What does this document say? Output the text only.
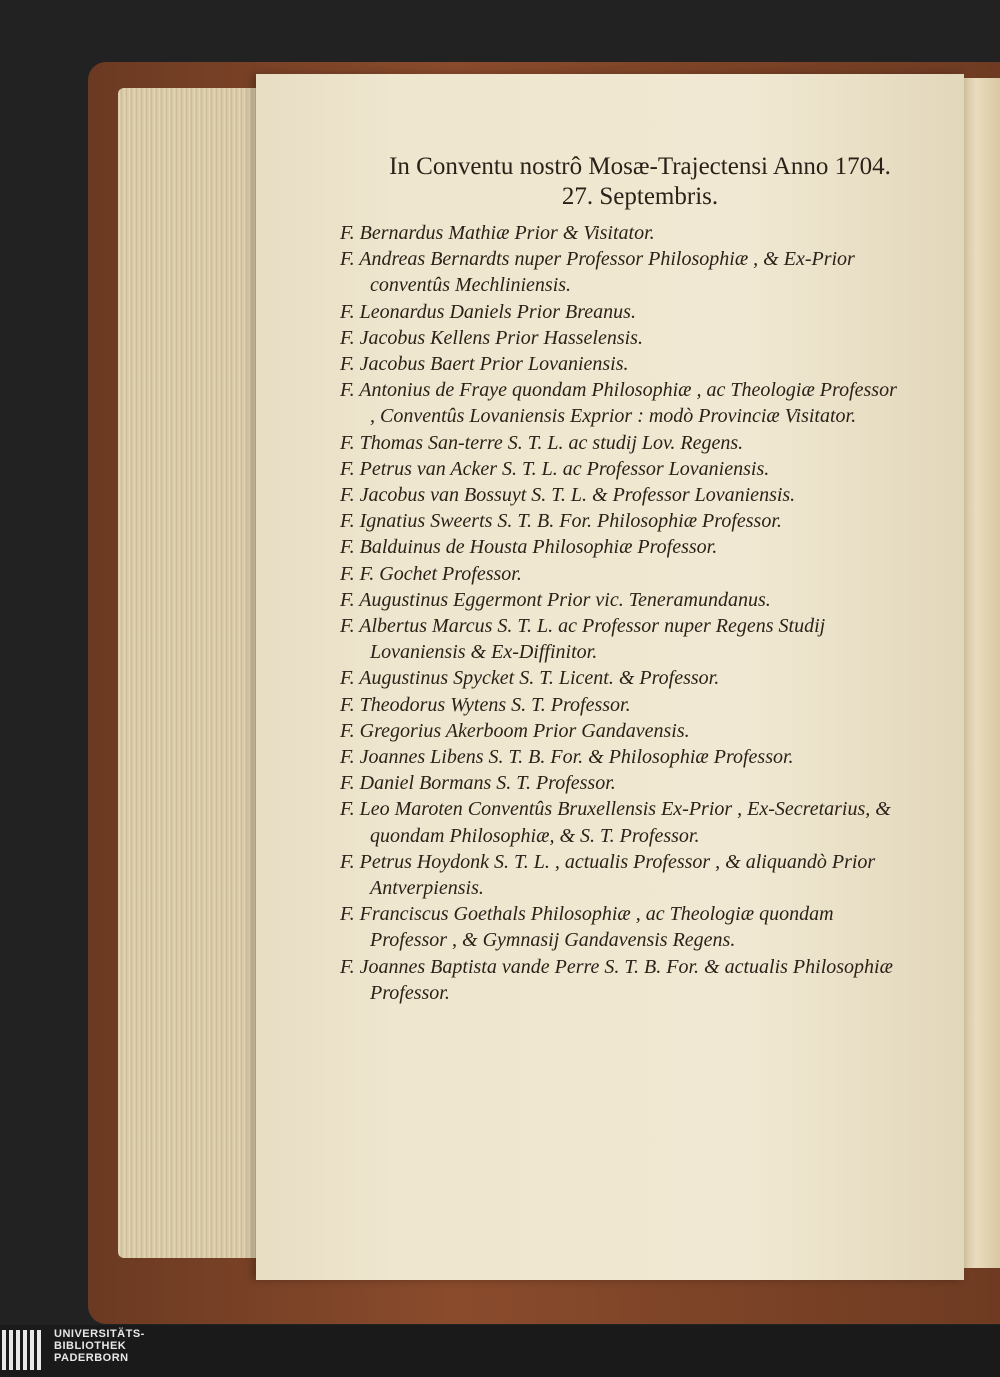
In Conventu nostrô Mosæ-Trajectensi Anno 1704.
27. Septembris.
F. Bernardus Mathiæ Prior & Visitator.
F. Andreas Bernardts nuper Professor Philosophiæ , & Ex-Prior conventûs Mechliniensis.
F. Leonardus Daniels Prior Breanus.
F. Jacobus Kellens Prior Hasselensis.
F. Jacobus Baert Prior Lovaniensis.
F. Antonius de Fraye quondam Philosophiæ , ac Theologiæ Professor , Conventûs Lovaniensis Exprior : modò Provinciæ Visitator.
F. Thomas San-terre S. T. L. ac studij Lov. Regens.
F. Petrus van Acker S. T. L. ac Professor Lovaniensis.
F. Jacobus van Bossuyt S. T. L. & Professor Lovaniensis.
F. Ignatius Sweerts S. T. B. For. Philosophiæ Professor.
F. Balduinus de Housta Philosophiæ Professor.
F. F. Gochet Professor.
F. Augustinus Eggermont Prior vic. Teneramundanus.
F. Albertus Marcus S. T. L. ac Professor nuper Regens Studij Lovaniensis & Ex-Diffinitor.
F. Augustinus Spycket S. T. Licent. & Professor.
F. Theodorus Wytens S. T. Professor.
F. Gregorius Akerboom Prior Gandavensis.
F. Joannes Libens S. T. B. For. & Philosophiæ Professor.
F. Daniel Bormans S. T. Professor.
F. Leo Maroten Conventûs Bruxellensis Ex-Prior , Ex-Secretarius, & quondam Philosophiæ, & S. T. Professor.
F. Petrus Hoydonk S. T. L. , actualis Professor , & aliquandò Prior Antverpiensis.
F. Franciscus Goethals Philosophiæ , ac Theologiæ quondam Professor , & Gymnasij Gandavensis Regens.
F. Joannes Baptista vande Perre S. T. B. For. & actualis Philosophiæ Professor.
UNIVERSITÄTS-
BIBLIOTHEK
PADERBORN
